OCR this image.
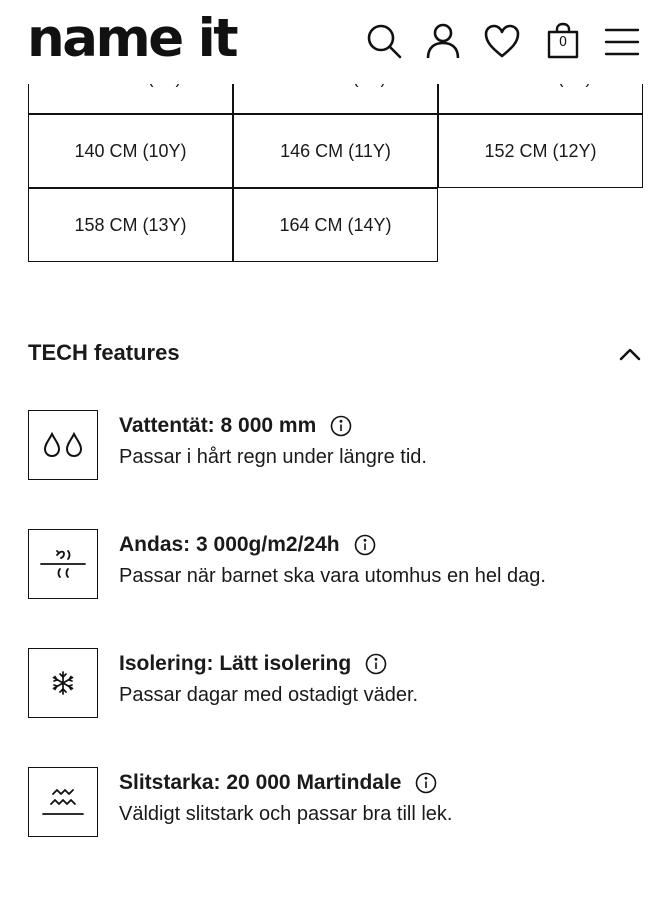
140 CM (10Y)	146 CM (11Y)	152 CM (12Y)
158 CM (13Y)	164 CM (14Y)
name it	0
TECH features
Vattentät: 8 000 mm
Passar i hårt regn under längre tid.
Andas: 3 000g/m2/24h
Passar när barnet ska vara utomhus en hel dag.
Isolering: Lätt isolering
Passar dagar med ostadigt väder.
Slitstarka: 20 000 Martindale
Väldigt slitstark och passar bra till lek.
